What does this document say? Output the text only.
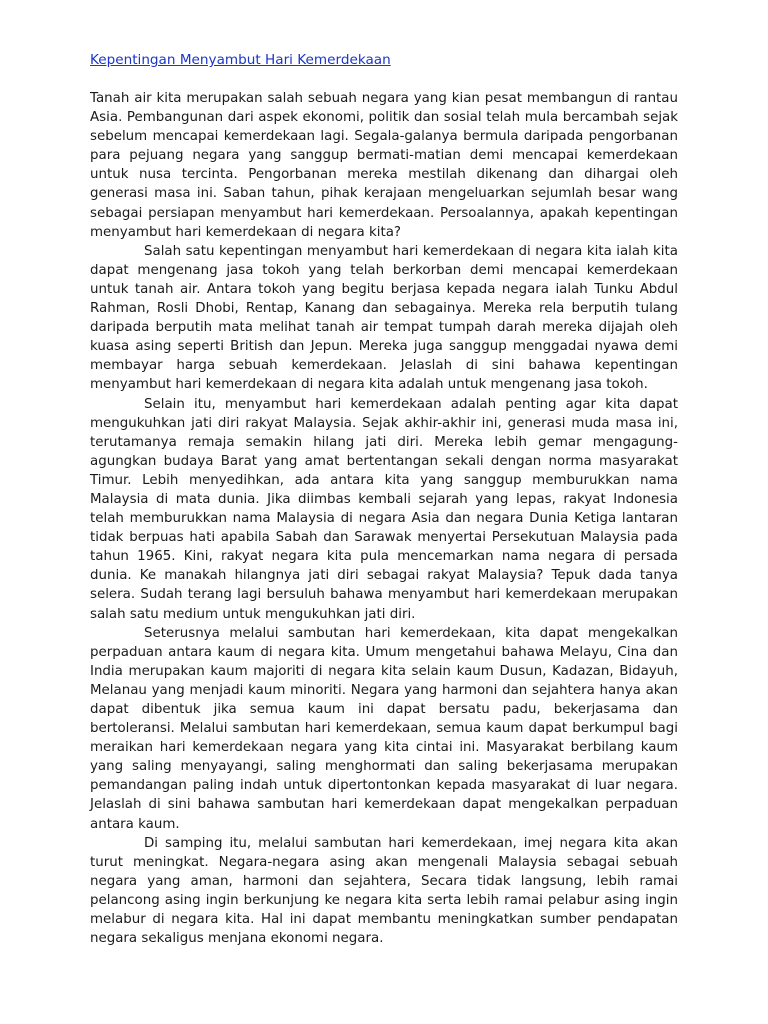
Kepentingan Menyambut Hari Kemerdekaan

Tanah air kita merupakan salah sebuah negara yang kian pesat membangun di rantau Asia. Pembangunan dari aspek ekonomi, politik dan sosial telah mula bercambah sejak sebelum mencapai kemerdekaan lagi. Segala-galanya bermula daripada pengorbanan para pejuang negara yang sanggup bermati-matian demi mencapai kemerdekaan untuk nusa tercinta. Pengorbanan mereka mestilah dikenang dan dihargai oleh generasi masa ini. Saban tahun, pihak kerajaan mengeluarkan sejumlah besar wang sebagai persiapan menyambut hari kemerdekaan. Persoalannya, apakah kepentingan menyambut hari kemerdekaan di negara kita?

Salah satu kepentingan menyambut hari kemerdekaan di negara kita ialah kita dapat mengenang jasa tokoh yang telah berkorban demi mencapai kemerdekaan untuk tanah air. Antara tokoh yang begitu berjasa kepada negara ialah Tunku Abdul Rahman, Rosli Dhobi, Rentap, Kanang dan sebagainya. Mereka rela berputih tulang daripada berputih mata melihat tanah air tempat tumpah darah mereka dijajah oleh kuasa asing seperti British dan Jepun. Mereka juga sanggup menggadai nyawa demi membayar harga sebuah kemerdekaan. Jelaslah di sini bahawa kepentingan menyambut hari kemerdekaan di negara kita adalah untuk mengenang jasa tokoh.

Selain itu, menyambut hari kemerdekaan adalah penting agar kita dapat mengukuhkan jati diri rakyat Malaysia. Sejak akhir-akhir ini, generasi muda masa ini, terutamanya remaja semakin hilang jati diri. Mereka lebih gemar mengagung-agungkan budaya Barat yang amat bertentangan sekali dengan norma masyarakat Timur. Lebih menyedihkan, ada antara kita yang sanggup memburukkan nama Malaysia di mata dunia. Jika diimbas kembali sejarah yang lepas, rakyat Indonesia telah memburukkan nama Malaysia di negara Asia dan negara Dunia Ketiga lantaran tidak berpuas hati apabila Sabah dan Sarawak menyertai Persekutuan Malaysia pada tahun 1965. Kini, rakyat negara kita pula mencemarkan nama negara di persada dunia. Ke manakah hilangnya jati diri sebagai rakyat Malaysia? Tepuk dada tanya selera. Sudah terang lagi bersuluh bahawa menyambut hari kemerdekaan merupakan salah satu medium untuk mengukuhkan jati diri.

Seterusnya melalui sambutan hari kemerdekaan, kita dapat mengekalkan perpaduan antara kaum di negara kita. Umum mengetahui bahawa Melayu, Cina dan India merupakan kaum majoriti di negara kita selain kaum Dusun, Kadazan, Bidayuh, Melanau yang menjadi kaum minoriti. Negara yang harmoni dan sejahtera hanya akan dapat dibentuk jika semua kaum ini dapat bersatu padu, bekerjasama dan bertoleransi. Melalui sambutan hari kemerdekaan, semua kaum dapat berkumpul bagi meraikan hari kemerdekaan negara yang kita cintai ini. Masyarakat berbilang kaum yang saling menyayangi, saling menghormati dan saling bekerjasama merupakan pemandangan paling indah untuk dipertontonkan kepada masyarakat di luar negara. Jelaslah di sini bahawa sambutan hari kemerdekaan dapat mengekalkan perpaduan antara kaum.

Di samping itu, melalui sambutan hari kemerdekaan, imej negara kita akan turut meningkat. Negara-negara asing akan mengenali Malaysia sebagai sebuah negara yang aman, harmoni dan sejahtera, Secara tidak langsung, lebih ramai pelancong asing ingin berkunjung ke negara kita serta lebih ramai pelabur asing ingin melabur di negara kita. Hal ini dapat membantu meningkatkan sumber pendapatan negara sekaligus menjana ekonomi negara.
